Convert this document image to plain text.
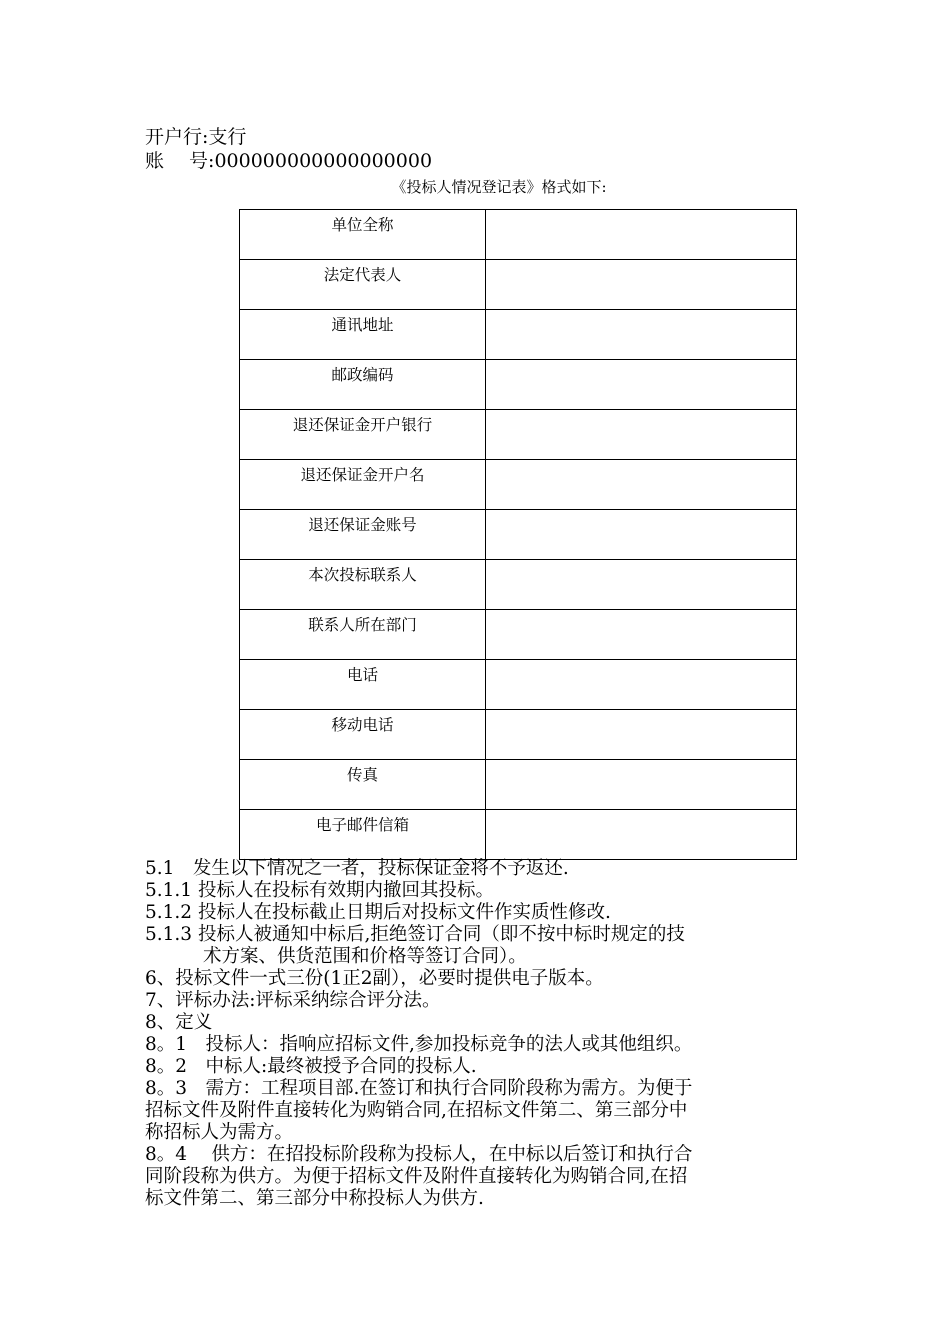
开户行:支行
账　 号:000000000000000000
《投标人情况登记表》格式如下:
单位全称	
法定代表人	
通讯地址	
邮政编码	
退还保证金开户银行	
退还保证金开户名	
退还保证金账号	
本次投标联系人	
联系人所在部门	
电话	
移动电话	
传真	
电子邮件信箱	

5.1　发生以下情况之一者，投标保证金将不予返还.

5.1.1 投标人在投标有效期内撤回其投标。

5.1.2 投标人在投标截止日期后对投标文件作实质性修改.

5.1.3 投标人被通知中标后,拒绝签订合同（即不按中标时规定的技

术方案、供货范围和价格等签订合同）。

6、投标文件一式三份(1正2副），必要时提供电子版本。

7、评标办法:评标采纳综合评分法。

8、定义

8。1　投标人：指响应招标文件,参加投标竞争的法人或其他组织。

8。2　中标人:最终被授予合同的投标人.

8。3　需方：工程项目部.在签订和执行合同阶段称为需方。为便于

招标文件及附件直接转化为购销合同,在招标文件第二、第三部分中

称招标人为需方。

8。4　 供方：在招投标阶段称为投标人，在中标以后签订和执行合

同阶段称为供方。为便于招标文件及附件直接转化为购销合同,在招

标文件第二、第三部分中称投标人为供方.
